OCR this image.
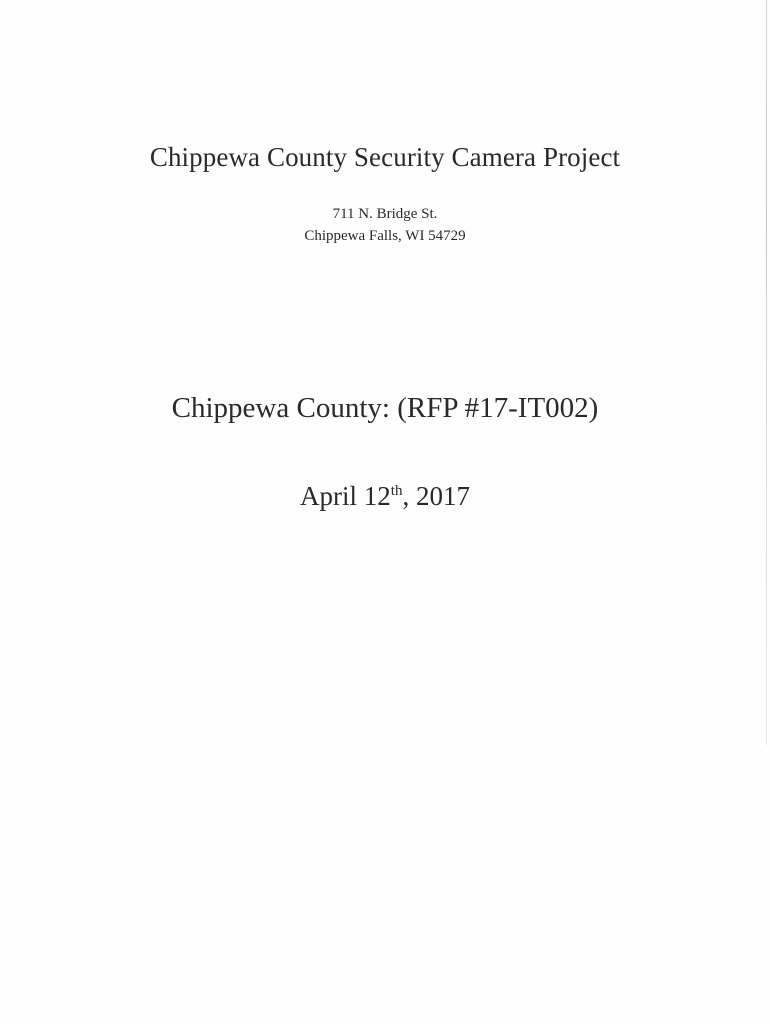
Chippewa County Security Camera Project
711 N. Bridge St.
Chippewa Falls, WI 54729
Chippewa County: (RFP #17-IT002)
April 12th, 2017
